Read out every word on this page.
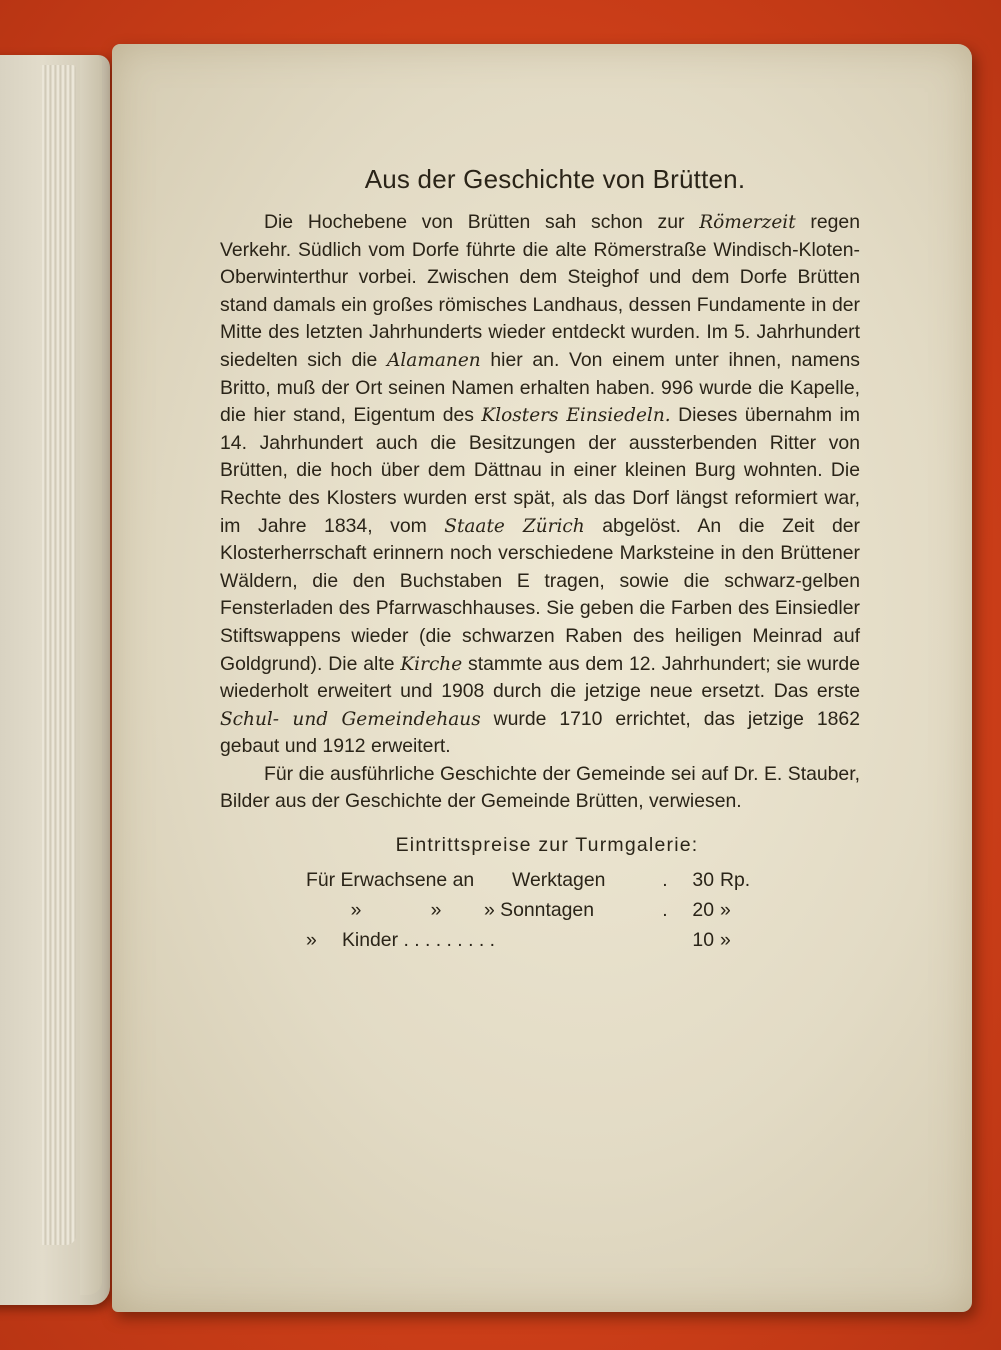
Aus der Geschichte von Brütten.

Die Hochebene von Brütten sah schon zur Römerzeit regen Verkehr. Südlich vom Dorfe führte die alte Römerstraße Windisch-Kloten-Oberwinterthur vorbei. Zwischen dem Steighof und dem Dorfe Brütten stand damals ein großes römisches Landhaus, dessen Fundamente in der Mitte des letzten Jahrhunderts wieder entdeckt wurden. Im 5. Jahrhundert siedelten sich die Alamanen hier an. Von einem unter ihnen, namens Britto, muß der Ort seinen Namen erhalten haben. 996 wurde die Kapelle, die hier stand, Eigentum des Klosters Einsiedeln. Dieses übernahm im 14. Jahrhundert auch die Besitzungen der aussterbenden Ritter von Brütten, die hoch über dem Dättnau in einer kleinen Burg wohnten. Die Rechte des Klosters wurden erst spät, als das Dorf längst reformiert war, im Jahre 1834, vom Staate Zürich abgelöst. An die Zeit der Klosterherrschaft erinnern noch verschiedene Marksteine in den Brüttener Wäldern, die den Buchstaben E tragen, sowie die schwarz-gelben Fensterladen des Pfarrwaschhauses. Sie geben die Farben des Einsiedler Stiftswappens wieder (die schwarzen Raben des heiligen Meinrad auf Goldgrund). Die alte Kirche stammte aus dem 12. Jahrhundert; sie wurde wiederholt erweitert und 1908 durch die jetzige neue ersetzt. Das erste Schul- und Gemeindehaus wurde 1710 errichtet, das jetzige 1862 gebaut und 1912 erweitert.

Für die ausführliche Geschichte der Gemeinde sei auf Dr. E. Stauber, Bilder aus der Geschichte der Gemeinde Brütten, verwiesen.

Eintrittspreise zur Turmgalerie:
Für Erwachsene an	Werktagen	.	30 Rp.
»	»	» Sonntagen	.	20 »
»	Kinder . . . . . . . . .	10 »
